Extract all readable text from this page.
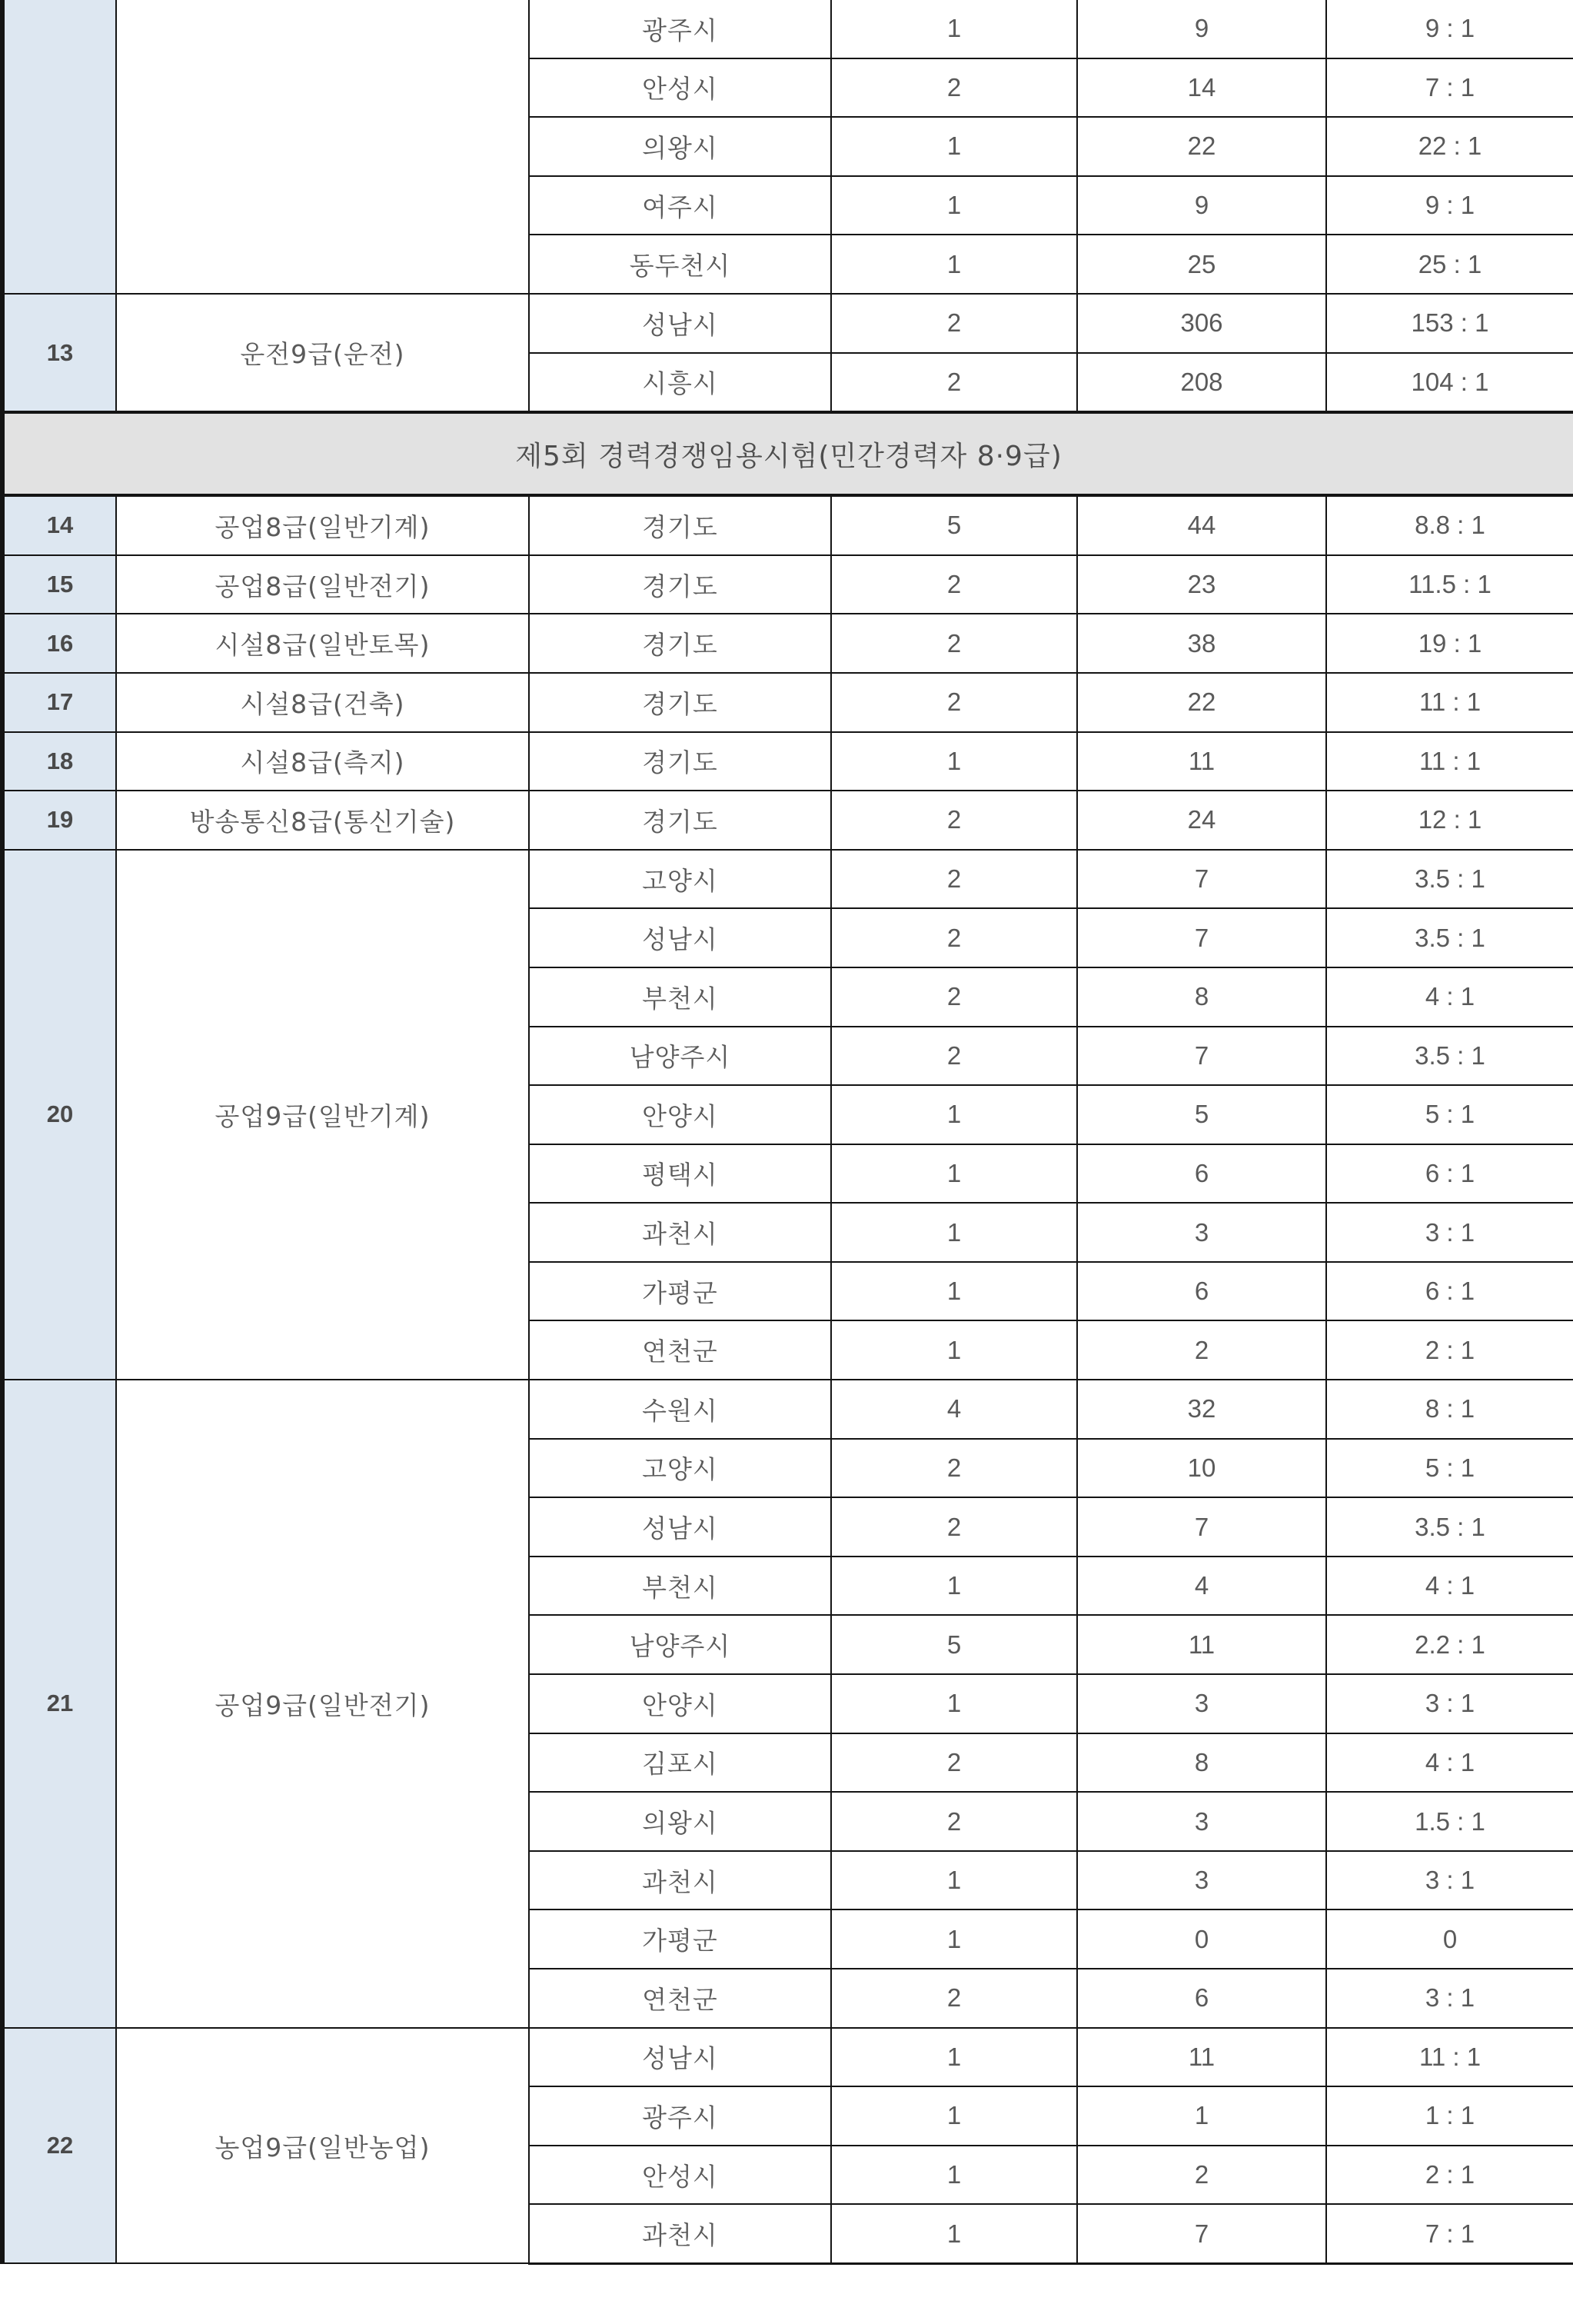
		광주시	1	9	9 : 1
		안성시	2	14	7 : 1
		의왕시	1	22	22 : 1
		여주시	1	9	9 : 1
		동두천시	1	25	25 : 1
13	운전9급(운전)	성남시	2	306	153 : 1
		시흥시	2	208	104 : 1
제5회 경력경쟁임용시험(민간경력자 8·9급)					
14	공업8급(일반기계)	경기도	5	44	8.8 : 1
15	공업8급(일반전기)	경기도	2	23	11.5 : 1
16	시설8급(일반토목)	경기도	2	38	19 : 1
17	시설8급(건축)	경기도	2	22	11 : 1
18	시설8급(측지)	경기도	1	11	11 : 1
19	방송통신8급(통신기술)	경기도	2	24	12 : 1
20	공업9급(일반기계)	고양시	2	7	3.5 : 1
		성남시	2	7	3.5 : 1
		부천시	2	8	4 : 1
		남양주시	2	7	3.5 : 1
		안양시	1	5	5 : 1
		평택시	1	6	6 : 1
		과천시	1	3	3 : 1
		가평군	1	6	6 : 1
		연천군	1	2	2 : 1
21	공업9급(일반전기)	수원시	4	32	8 : 1
		고양시	2	10	5 : 1
		성남시	2	7	3.5 : 1
		부천시	1	4	4 : 1
		남양주시	5	11	2.2 : 1
		안양시	1	3	3 : 1
		김포시	2	8	4 : 1
		의왕시	2	3	1.5 : 1
		과천시	1	3	3 : 1
		가평군	1	0	0
		연천군	2	6	3 : 1
22	농업9급(일반농업)	성남시	1	11	11 : 1
		광주시	1	1	1 : 1
		안성시	1	2	2 : 1
		과천시	1	7	7 : 1
